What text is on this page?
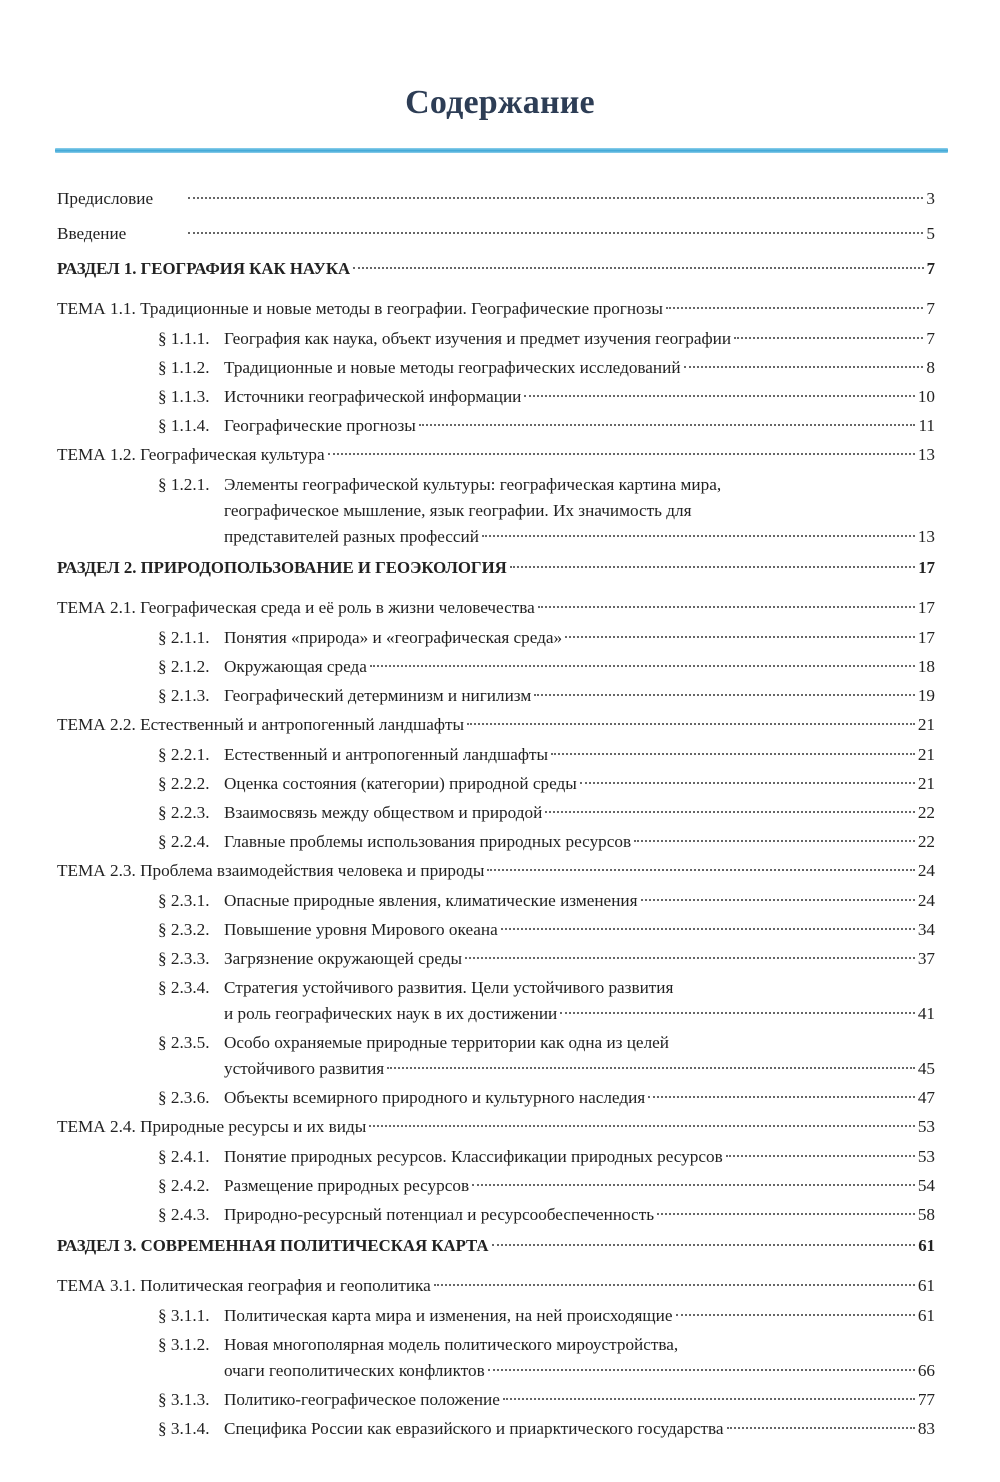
Содержание
Предисловие	3
Введение	5
РАЗДЕЛ 1. ГЕОГРАФИЯ КАК НАУКА	7
ТЕМА 1.1. Традиционные и новые методы в географии. Географические прогнозы	7
§ 1.1.1. География как наука, объект изучения и предмет изучения географии	7
§ 1.1.2. Традиционные и новые методы географических исследований	8
§ 1.1.3. Источники географической информации	10
§ 1.1.4. Географические прогнозы	11
ТЕМА 1.2. Географическая культура	13
§ 1.2.1. Элементы географической культуры: географическая картина мира,
географическое мышление, язык географии. Их значимость для
представителей разных профессий	13
РАЗДЕЛ 2. ПРИРОДОПОЛЬЗОВАНИЕ И ГЕОЭКОЛОГИЯ	17
ТЕМА 2.1. Географическая среда и её роль в жизни человечества	17
§ 2.1.1. Понятия «природа» и «географическая среда»	17
§ 2.1.2. Окружающая среда	18
§ 2.1.3. Географический детерминизм и нигилизм	19
ТЕМА 2.2. Естественный и антропогенный ландшафты	21
§ 2.2.1. Естественный и антропогенный ландшафты	21
§ 2.2.2. Оценка состояния (категории) природной среды	21
§ 2.2.3. Взаимосвязь между обществом и природой	22
§ 2.2.4. Главные проблемы использования природных ресурсов	22
ТЕМА 2.3. Проблема взаимодействия человека и природы	24
§ 2.3.1. Опасные природные явления, климатические изменения	24
§ 2.3.2. Повышение уровня Мирового океана	34
§ 2.3.3. Загрязнение окружающей среды	37
§ 2.3.4. Стратегия устойчивого развития. Цели устойчивого развития
и роль географических наук в их достижении	41
§ 2.3.5. Особо охраняемые природные территории как одна из целей
устойчивого развития	45
§ 2.3.6. Объекты всемирного природного и культурного наследия	47
ТЕМА 2.4. Природные ресурсы и их виды	53
§ 2.4.1. Понятие природных ресурсов. Классификации природных ресурсов	53
§ 2.4.2. Размещение природных ресурсов	54
§ 2.4.3. Природно-ресурсный потенциал и ресурсообеспеченность	58
РАЗДЕЛ 3. СОВРЕМЕННАЯ ПОЛИТИЧЕСКАЯ КАРТА	61
ТЕМА 3.1. Политическая география и геополитика	61
§ 3.1.1. Политическая карта мира и изменения, на ней происходящие	61
§ 3.1.2. Новая многополярная модель политического мироустройства,
очаги геополитических конфликтов	66
§ 3.1.3. Политико-географическое положение	77
§ 3.1.4. Специфика России как евразийского и приарктического государства	83
